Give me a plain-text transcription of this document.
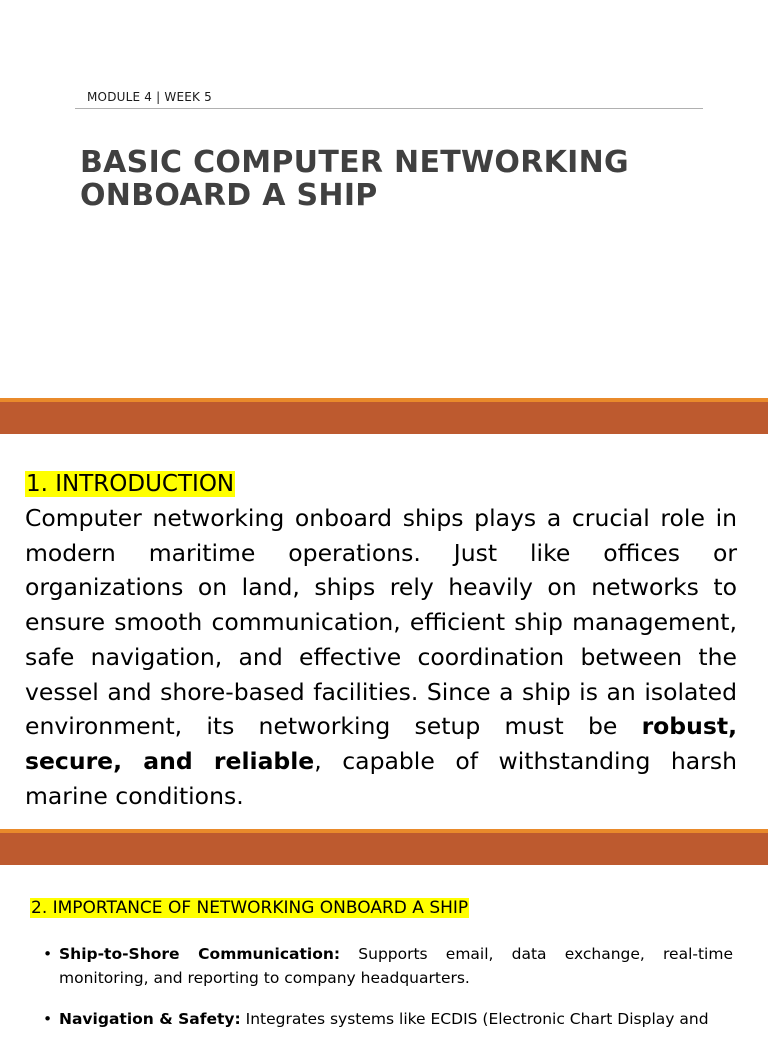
MODULE 4 | WEEK 5
BASIC COMPUTER NETWORKING
ONBOARD A SHIP
1. INTRODUCTION

Computer networking onboard ships plays a crucial role in modern maritime operations. Just like offices or organizations on land, ships rely heavily on networks to ensure smooth communication, efficient ship management, safe navigation, and effective coordination between the vessel and shore-based facilities. Since a ship is an isolated environment, its networking setup must be robust, secure, and reliable, capable of withstanding harsh marine conditions.

2. IMPORTANCE OF NETWORKING ONBOARD A SHIP
• Ship-to-Shore Communication: Supports email, data exchange, real-time monitoring, and reporting to company headquarters.
• Navigation & Safety: Integrates systems like ECDIS (Electronic Chart Display and
